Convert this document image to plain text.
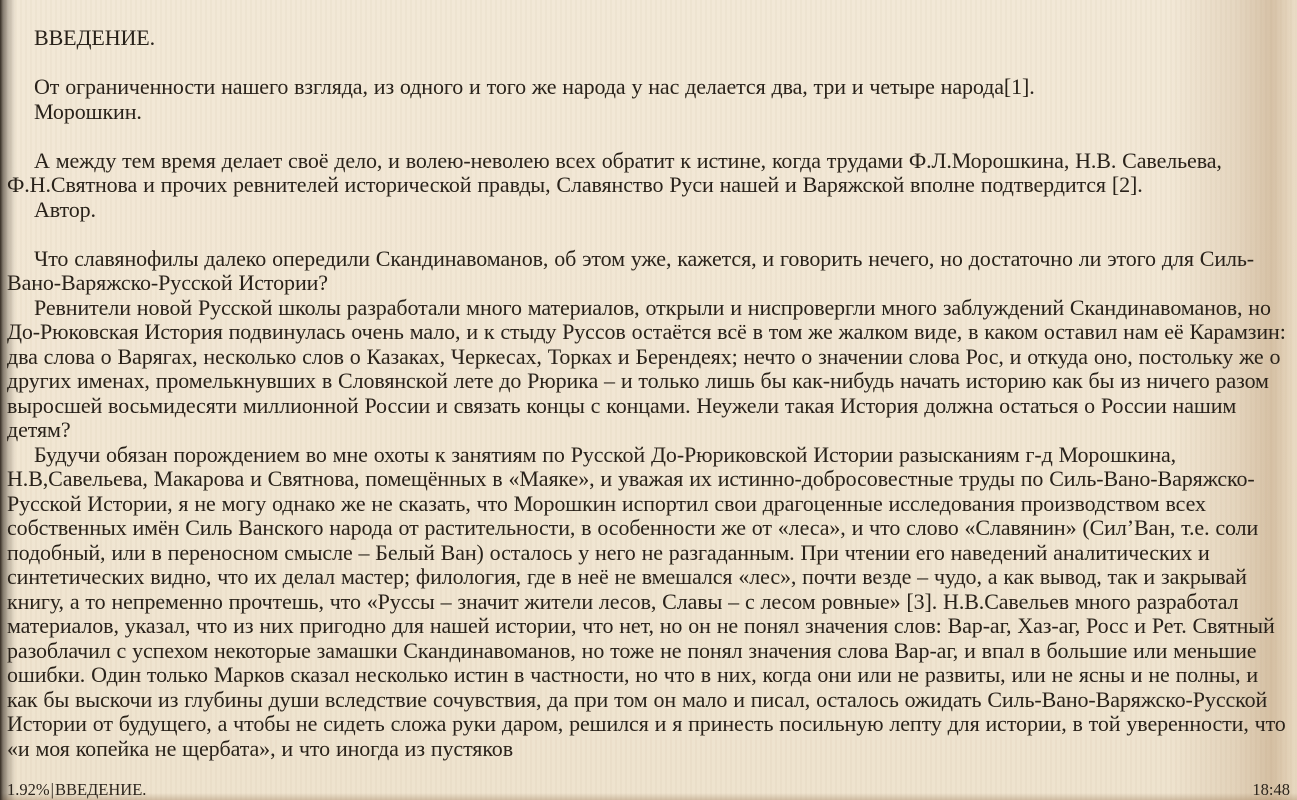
ВВЕДЕНИЕ.

От ограниченности нашего взгляда, из одного и того же народа у нас делается два, три и четыре народа[1].

Морошкин.

А между тем время делает своё дело, и волею-неволею всех обратит к истине, когда трудами Ф.Л.Морошкина, Н.В. Савельева, Ф.Н.Святнова и прочих ревнителей исторической правды, Славянство Руси нашей и Варяжской вполне подтвердится [2].

Автор.

Что славянофилы далеко опередили Скандинавоманов, об этом уже, кажется, и говорить нечего, но достаточно ли этого для Силь-Вано-Варяжско-Русской Истории?

Ревнители новой Русской школы разработали много материалов, открыли и ниспровергли много заблуждений Скандинавоманов, но До-Рюковская История подвинулась очень мало, и к стыду Руссов остаётся всё в том же жалком виде, в каком оставил нам её Карамзин: два слова о Варягах, несколько слов о Казаках, Черкесах, Торках и Берендеях; нечто о значении слова Рос, и откуда оно, постольку же о других именах, промелькнувших в Словянской лете до Рюрика – и только лишь бы как-нибудь начать историю как бы из ничего разом выросшей восьмидесяти миллионной России и связать концы с концами. Неужели такая История должна остаться о России нашим детям?

Будучи обязан порождением во мне охоты к занятиям по Русской До-Рюриковской Истории разысканиям г-д Морошкина, Н.В,Савельева, Макарова и Святнова, помещённых в «Маяке», и уважая их истинно-добросовестные труды по Силь-Вано-Варяжско-Русской Истории, я не могу однако же не сказать, что Морошкин испортил свои драгоценные исследования производством всех собственных имён Силь Ванского народа от растительности, в особенности же от «леса», и что слово «Славянин» (Сил’Ван, т.е. соли подобный, или в переносном смысле – Белый Ван) осталось у него не разгаданным. При чтении его наведений аналитических и синтетических видно, что их делал мастер; филология, где в неё не вмешался «лес», почти везде – чудо, а как вывод, так и закрывай книгу, а то непременно прочтешь, что «Руссы – значит жители лесов, Славы – с лесом ровные» [3]. Н.В.Савельев много разработал материалов, указал, что из них пригодно для нашей истории, что нет, но он не понял значения слов: Вар-аг, Хаз-аг, Росс и Рет. Святный разоблачил с успехом некоторые замашки Скандинавоманов, но тоже не понял значения слова Вар-аг, и впал в большие или меньшие ошибки. Один только Марков сказал несколько истин в частности, но что в них, когда они или не развиты, или не ясны и не полны, и как бы выскочи из глубины души вследствие сочувствия, да при том он мало и писал, осталось ожидать Силь-Вано-Варяжско-Русской Истории от будущего, а чтобы не сидеть сложа руки даром, решился и я принесть посильную лепту для истории, в той уверенности, что «и моя копейка не щербата», и что иногда из пустяков

1.92%|ВВЕДЕНИЕ.	18:48
